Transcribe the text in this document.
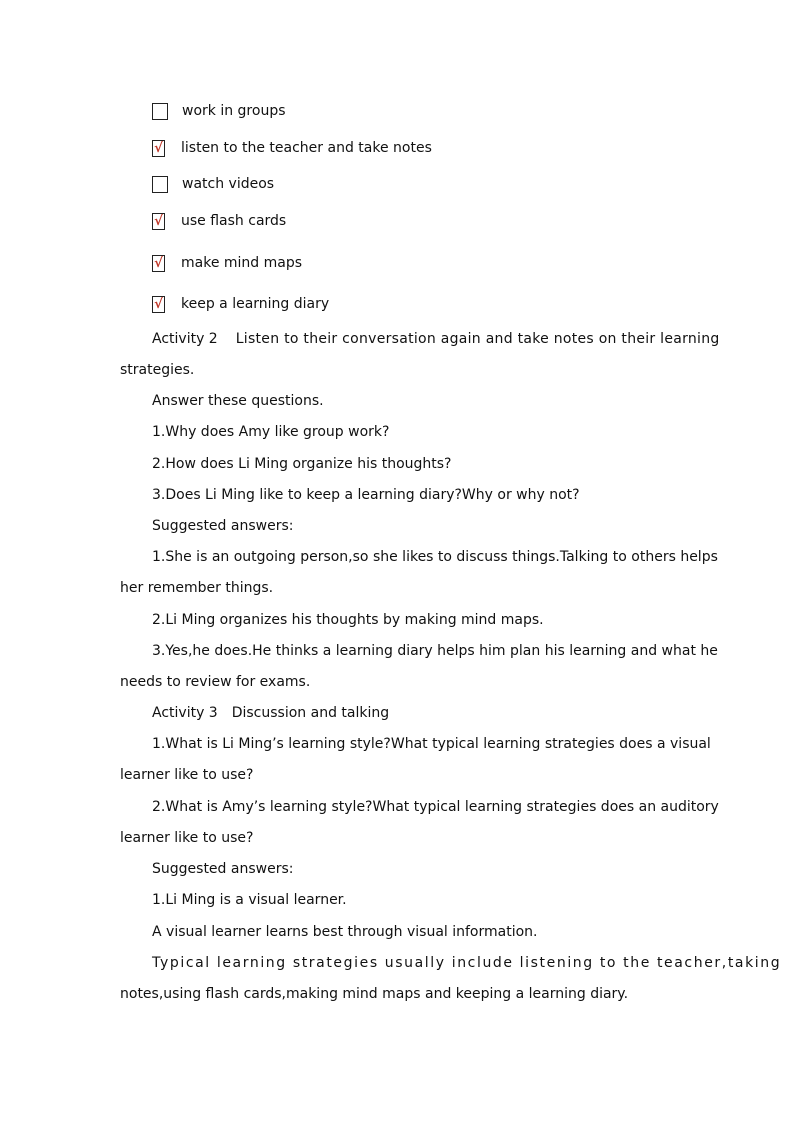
work in groups
√ listen to the teacher and take notes
watch videos
√ use flash cards
√ make mind maps
√ keep a learning diary
Activity 2 Listen to their conversation again and take notes on their learning
strategies.
Answer these questions.
1.Why does Amy like group work?
2.How does Li Ming organize his thoughts?
3.Does Li Ming like to keep a learning diary?Why or why not?
Suggested answers:
1.She is an outgoing person,so she likes to discuss things.Talking to others helps
her remember things.
2.Li Ming organizes his thoughts by making mind maps.
3.Yes,he does.He thinks a learning diary helps him plan his learning and what he
needs to review for exams.
Activity 3 Discussion and talking
1.What is Li Ming’s learning style?What typical learning strategies does a visual
learner like to use?
2.What is Amy’s learning style?What typical learning strategies does an auditory
learner like to use?
Suggested answers:
1.Li Ming is a visual learner.
A visual learner learns best through visual information.
Typical learning strategies usually include listening to the teacher,taking
notes,using flash cards,making mind maps and keeping a learning diary.
